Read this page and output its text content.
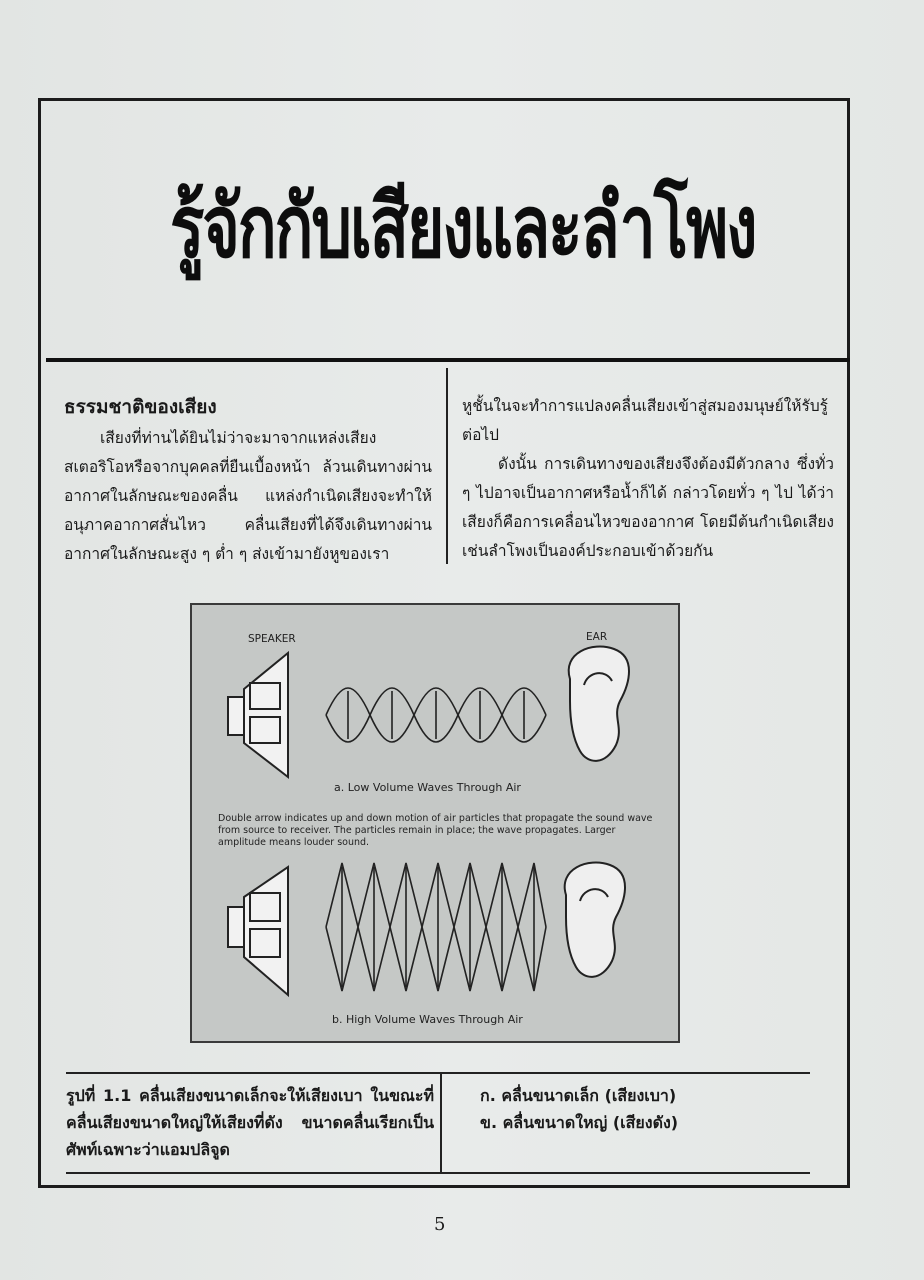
รู้จักกับเสียงและลำโพง
ธรรมชาติของเสียง

เสียงที่ท่านได้ยินไม่ว่าจะมาจากแหล่งเสียงสเตอริโอหรือจากบุคคลที่ยืนเบื้องหน้า ล้วนเดินทางผ่านอากาศในลักษณะของคลื่น แหล่งกำเนิดเสียงจะทำให้อนุภาคอากาศสั่นไหว คลื่นเสียงที่ได้จึงเดินทางผ่านอากาศในลักษณะสูง ๆ ต่ำ ๆ ส่งเข้ามายังหูของเรา

หูชั้นในจะทำการแปลงคลื่นเสียงเข้าสู่สมองมนุษย์ให้รับรู้ต่อไป

ดังนั้น การเดินทางของเสียงจึงต้องมีตัวกลาง ซึ่งทั่ว ๆ ไปอาจเป็นอากาศหรือน้ำก็ได้ กล่าวโดยทั่ว ๆ ไป ได้ว่าเสียงก็คือการเคลื่อนไหวของอากาศ โดยมีต้นกำเนิดเสียงเช่นลำโพงเป็นองค์ประกอบเข้าด้วยกัน

SPEAKER	EAR
a. Low Volume Waves Through Air
Double arrow indicates up and down motion of air particles that propagate the sound wave from source to receiver. The particles remain in place; the wave propagates. Larger amplitude means louder sound.
b. High Volume Waves Through Air
รูปที่ 1.1 คลื่นเสียงขนาดเล็กจะให้เสียงเบา ในขณะที่คลื่นเสียงขนาดใหญ่ให้เสียงที่ดัง ขนาดคลื่นเรียกเป็นศัพท์เฉพาะว่าแอมปลิจูด
ก. คลื่นขนาดเล็ก (เสียงเบา)
ข. คลื่นขนาดใหญ่ (เสียงดัง)
5
